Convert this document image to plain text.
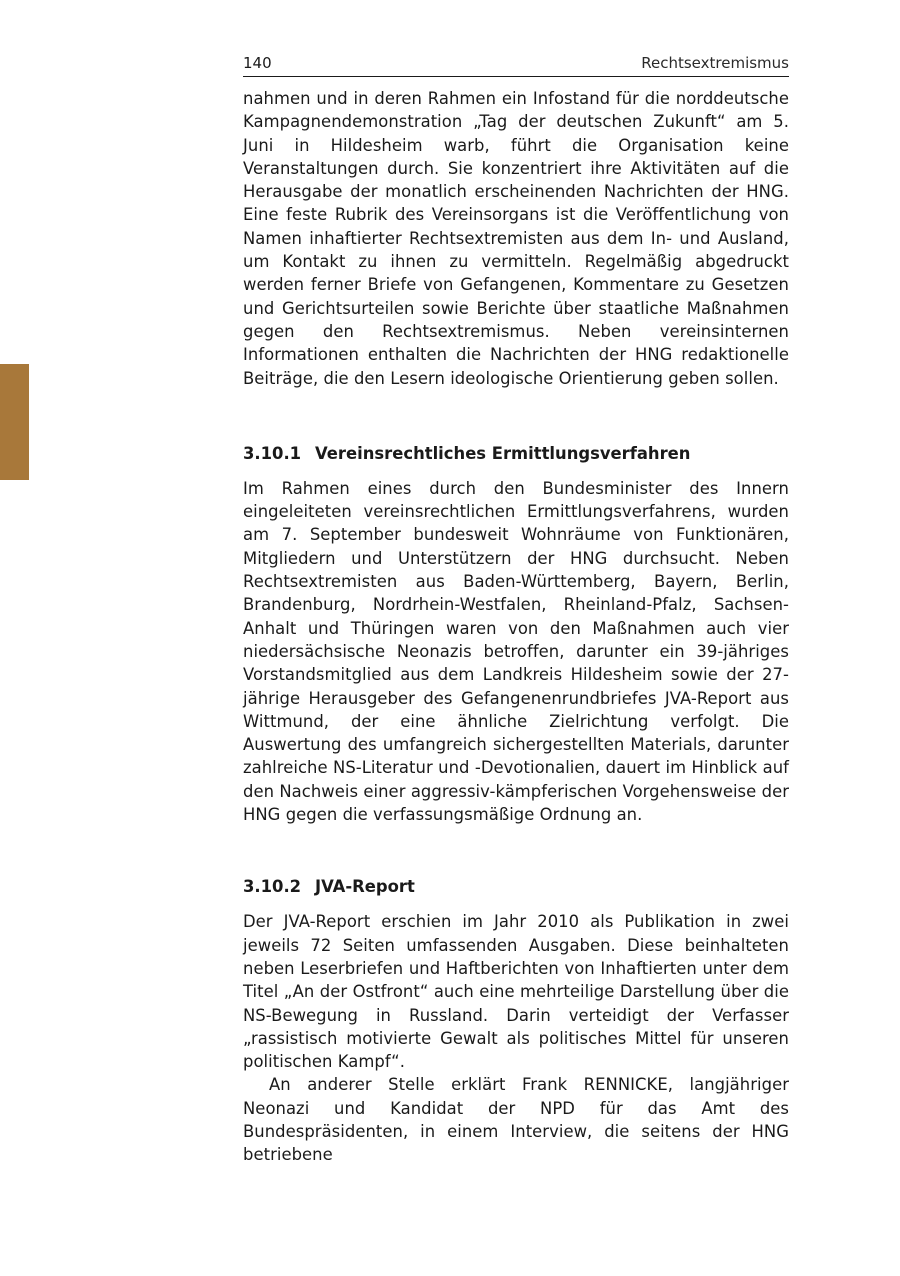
140	Rechtsextremismus

nahmen und in deren Rahmen ein Infostand für die norddeutsche Kampagnendemonstration „Tag der deutschen Zukunft“ am 5. Juni in Hildesheim warb, führt die Organisation keine Veranstaltungen durch. Sie konzentriert ihre Aktivitäten auf die Herausgabe der monatlich erscheinenden Nachrichten der HNG. Eine feste Rubrik des Vereinsorgans ist die Veröffentlichung von Namen inhaftierter Rechtsextremisten aus dem In- und Ausland, um Kontakt zu ihnen zu vermitteln. Regelmäßig abgedruckt werden ferner Briefe von Gefangenen, Kommentare zu Gesetzen und Gerichtsurteilen sowie Berichte über staatliche Maßnahmen gegen den Rechtsextremismus. Neben vereinsinternen Informationen enthalten die Nachrichten der HNG redaktionelle Beiträge, die den Lesern ideologische Orientierung geben sollen.

3.10.1 Vereinsrechtliches Ermittlungsverfahren

Im Rahmen eines durch den Bundesminister des Innern eingeleiteten vereinsrechtlichen Ermittlungsverfahrens, wurden am 7. September bundesweit Wohnräume von Funktionären, Mitgliedern und Unterstützern der HNG durchsucht. Neben Rechtsextremisten aus Baden-Württemberg, Bayern, Berlin, Brandenburg, Nordrhein-Westfalen, Rheinland-Pfalz, Sachsen-Anhalt und Thüringen waren von den Maßnahmen auch vier niedersächsische Neonazis betroffen, darunter ein 39-jähriges Vorstandsmitglied aus dem Landkreis Hildesheim sowie der 27-jährige Herausgeber des Gefangenenrundbriefes JVA-Report aus Wittmund, der eine ähnliche Zielrichtung verfolgt. Die Auswertung des umfangreich sichergestellten Materials, darunter zahlreiche NS-Literatur und -Devotionalien, dauert im Hinblick auf den Nachweis einer aggressiv-kämpferischen Vorgehensweise der HNG gegen die verfassungsmäßige Ordnung an.

3.10.2 JVA-Report

Der JVA-Report erschien im Jahr 2010 als Publikation in zwei jeweils 72 Seiten umfassenden Ausgaben. Diese beinhalteten neben Leserbriefen und Haftberichten von Inhaftierten unter dem Titel „An der Ostfront“ auch eine mehrteilige Darstellung über die NS-Bewegung in Russland. Darin verteidigt der Verfasser „rassistisch motivierte Gewalt als politisches Mittel für unseren politischen Kampf“.

An anderer Stelle erklärt Frank RENNICKE, langjähriger Neonazi und Kandidat der NPD für das Amt des Bundespräsidenten, in einem Interview, die seitens der HNG betriebene
